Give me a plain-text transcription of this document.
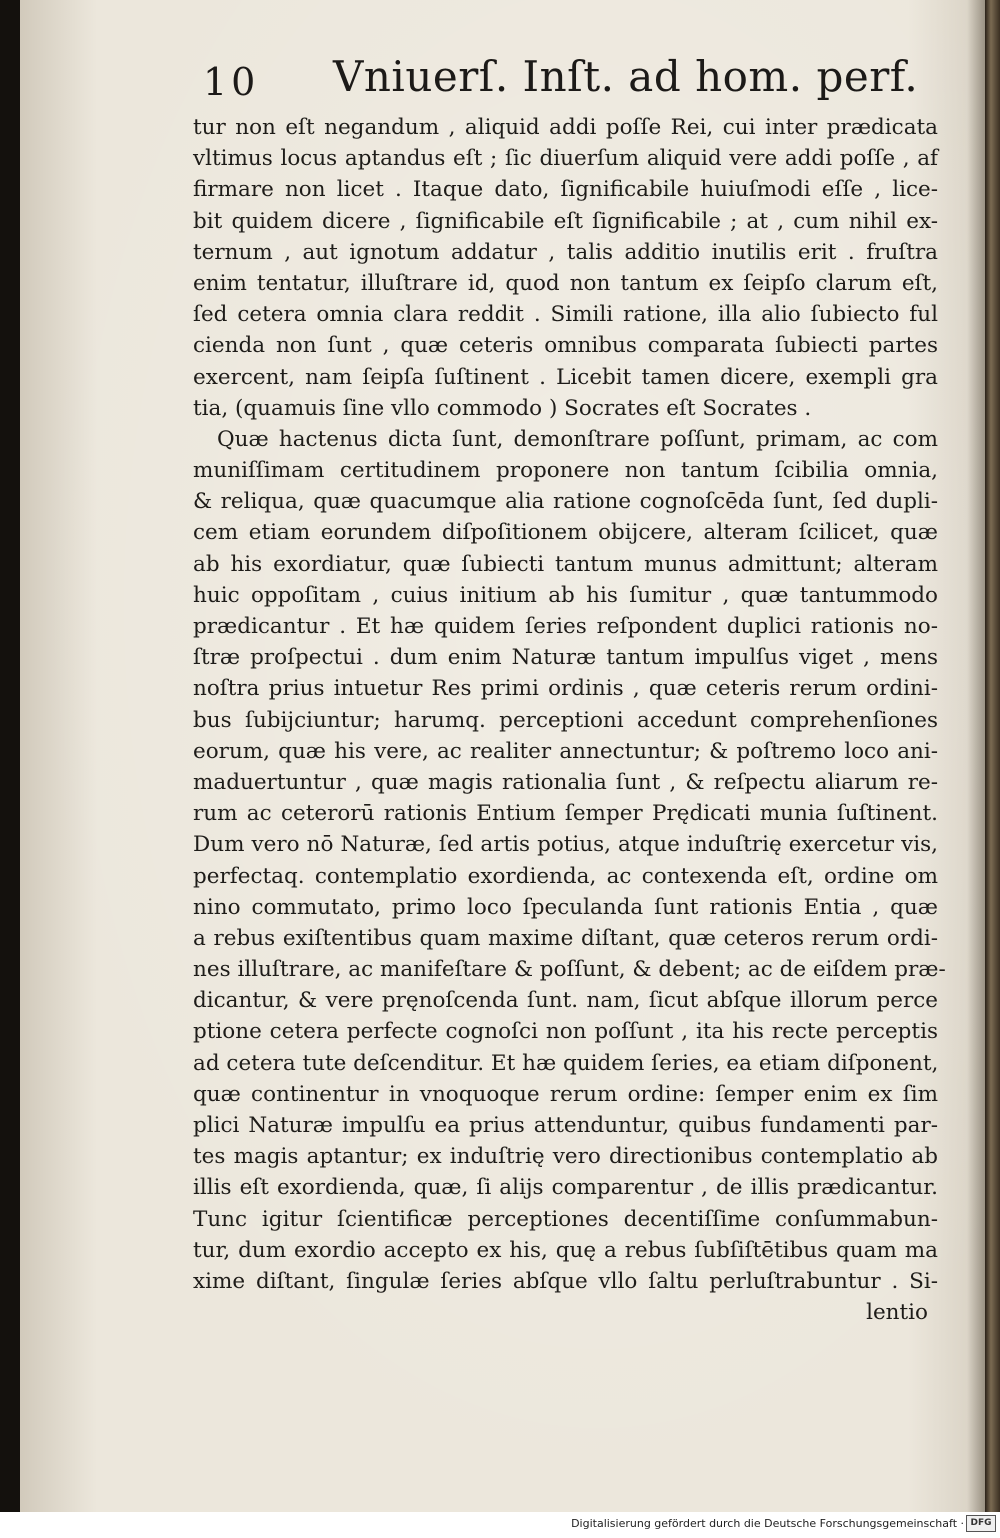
10 Vniuerſ. Inſt. ad hom. perf.
tur non eſt negandum , aliquid addi poſſe Rei, cui inter prædicata
vltimus locus aptandus eſt ; ſic diuerſum aliquid vere addi poſſe , af
firmare non licet . Itaque dato, ſignificabile huiuſmodi eſſe , lice-
bit quidem dicere , ſignificabile eſt ſignificabile ; at , cum nihil ex-
ternum , aut ignotum addatur , talis additio inutilis erit . fruſtra
enim tentatur, illuſtrare id, quod non tantum ex ſeipſo clarum eſt,
ſed cetera omnia clara reddit . Simili ratione, illa alio ſubiecto ful
cienda non ſunt , quæ ceteris omnibus comparata ſubiecti partes
exercent, nam ſeipſa ſuſtinent . Licebit tamen dicere, exempli gra
tia, (quamuis ſine vllo commodo ) Socrates eſt Socrates .
Quæ hactenus dicta ſunt, demonſtrare poſſunt, primam, ac com
muniſſimam certitudinem proponere non tantum ſcibilia omnia,
& reliqua, quæ quacumque alia ratione cognoſcēda ſunt, ſed dupli-
cem etiam eorundem diſpoſitionem obijcere, alteram ſcilicet, quæ
ab his exordiatur, quæ ſubiecti tantum munus admittunt; alteram
huic oppoſitam , cuius initium ab his ſumitur , quæ tantummodo
prædicantur . Et hæ quidem ſeries reſpondent duplici rationis no-
ſtræ proſpectui . dum enim Naturæ tantum impulſus viget , mens
noſtra prius intuetur Res primi ordinis , quæ ceteris rerum ordini-
bus ſubijciuntur; harumq. perceptioni accedunt comprehenſiones
eorum, quæ his vere, ac realiter annectuntur; & poſtremo loco ani-
maduertuntur , quæ magis rationalia ſunt , & reſpectu aliarum re-
rum ac ceterorū rationis Entium ſemper Prędicati munia ſuſtinent.
Dum vero nō Naturæ, ſed artis potius, atque induſtrię exercetur vis,
perfectaq. contemplatio exordienda, ac contexenda eſt, ordine om
nino commutato, primo loco ſpeculanda ſunt rationis Entia , quæ
a rebus exiſtentibus quam maxime diſtant, quæ ceteros rerum ordi-
nes illuſtrare, ac manifeſtare & poſſunt, & debent; ac de eiſdem præ-
dicantur, & vere pręnoſcenda ſunt. nam, ſicut abſque illorum perce
ptione cetera perfecte cognoſci non poſſunt , ita his recte perceptis
ad cetera tute deſcenditur. Et hæ quidem ſeries, ea etiam diſponent,
quæ continentur in vnoquoque rerum ordine: ſemper enim ex ſim
plici Naturæ impulſu ea prius attenduntur, quibus fundamenti par-
tes magis aptantur; ex induſtrię vero directionibus contemplatio ab
illis eſt exordienda, quæ, ſi alijs comparentur , de illis prædicantur.
Tunc igitur ſcientificæ perceptiones decentiſſime conſummabun-
tur, dum exordio accepto ex his, quę a rebus ſubſiſtētibus quam ma
xime diſtant, ſingulæ ſeries abſque vllo ſaltu perluſtrabuntur . Si-
lentio
Digitalisierung gefördert durch die Deutsche Forschungsgemeinschaft · DFG
